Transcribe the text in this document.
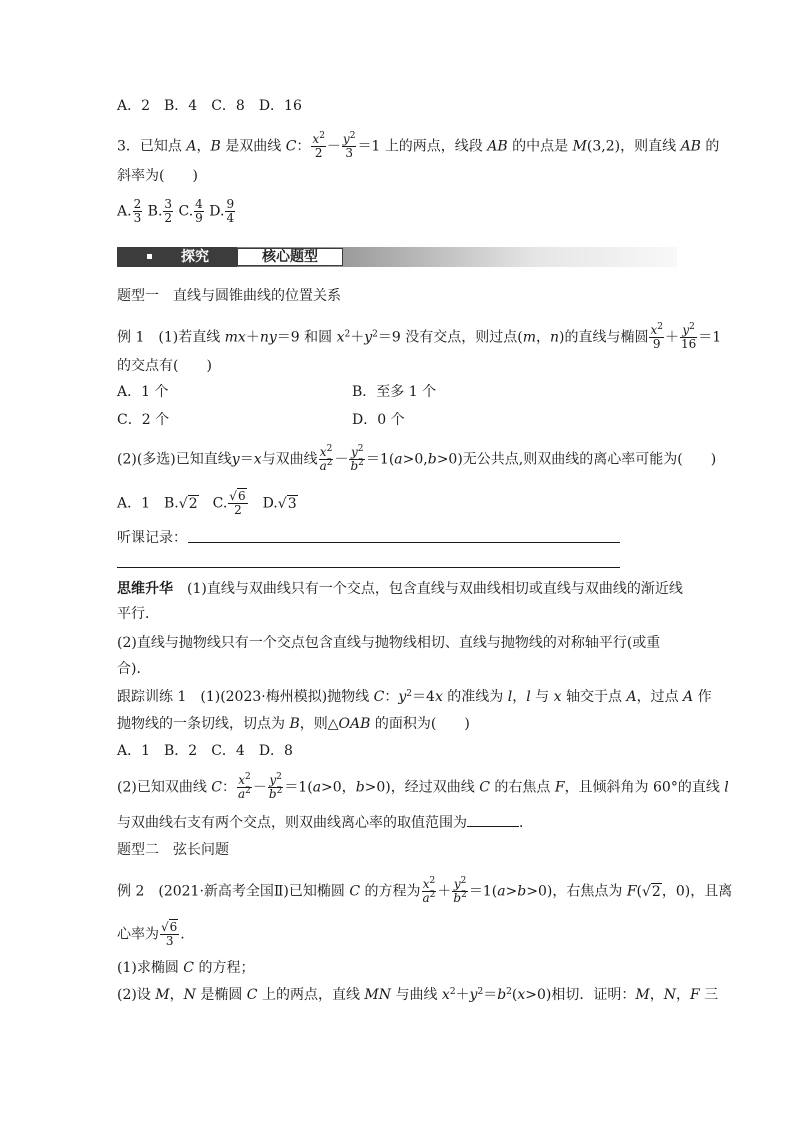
A．2　B．4　C．8　D．16
3．已知点 A，B 是双曲线 C： $\frac{x^2}{2} - \frac{y^2}{3} =1$ 上的两点，线段 AB 的中点是 M(3,2)，则直线 AB 的
斜率为(　　)
A. $\frac{2}{3} B$. $\frac{3}{2} C$. $\frac{4}{9} D$. $\frac{9}{4}$
探究	核心题型
题型一　直线与圆锥曲线的位置关系
例 1　(1)若直线 mx＋ny＝9 和圆 $x^2+y^2=9$ 没有交点，则过点(m，n)的直线与椭圆 $\frac{x^2}{9} + \frac{y^2}{16} =1$
的交点有(　　)
A．1 个	B．至多 1 个
C．2 个	D．0 个
(2)(多选)已知直线y＝x与双曲线 $\frac{x^2}{a^2} - \frac{y^2}{b^2} =1(a>0,b>0)$无公共点,则双曲线的离心率可能为(　　)
A．1　B.√2　C. $\frac{√6}{2}$ 　D.√3
听课记录：
思维升华　 (1)直线与双曲线只有一个交点，包含直线与双曲线相切或直线与双曲线的渐近线
平行．
(2)直线与抛物线只有一个交点包含直线与抛物线相切、直线与抛物线的对称轴平行(或重
合)．
跟踪训练 1　(1)(2023·梅州模拟)抛物线 C：$y^2=4x$ 的准线为 l，l 与 x 轴交于点 A，过点 A 作
抛物线的一条切线，切点为 B，则△OAB 的面积为(　　)
A．1　B．2　C．4　D．8
(2)已知双曲线 C： $\frac{x^2}{a^2} - \frac{y^2}{b^2} =1(a>0$，b>0)，经过双曲线 C 的右焦点 F，且倾斜角为 60°的直线 l
与双曲线右支有两个交点，则双曲线离心率的取值范围为	．
题型二　弦长问题
例 2　(2021·新高考全国Ⅱ)已知椭圆 C 的方程为 $\frac{x^2}{a^2} + \frac{y^2}{b^2} =1(a>b>0)$，右焦点为 F(√2，0)，且离
心率为 $\frac{√6}{3}$ .
(1)求椭圆 C 的方程；
(2)设 M，N 是椭圆 C 上的两点，直线 MN 与曲线 $x^2+y^2=b^2(x>0)$相切．证明：M，N，F 三
